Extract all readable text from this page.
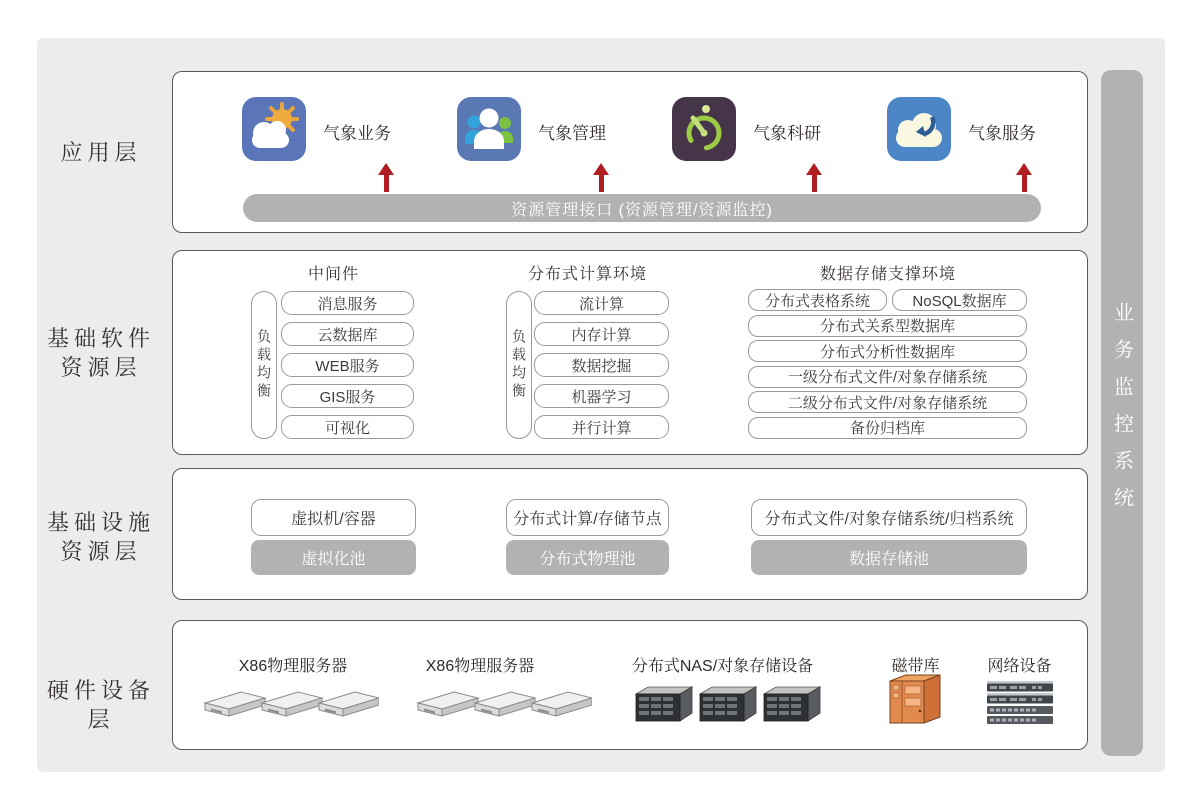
应用层
基础软件
资源层
基础设施
资源层
硬件设备层
气象业务	气象管理	气象科研	气象服务
资源管理接口 (资源管理/资源监控)
中间件
负载均衡
消息服务
云数据库
WEB服务
GIS服务
可视化
分布式计算环境
负载均衡
流计算
内存计算
数据挖掘
机器学习
并行计算
数据存储支撑环境
分布式表格系统	NoSQL数据库
分布式关系型数据库
分布式分析性数据库
一级分布式文件/对象存储系统
二级分布式文件/对象存储系统
备份归档库
虚拟机/容器
虚拟化池
分布式计算/存储节点
分布式物理池
分布式文件/对象存储系统/归档系统
数据存储池
X86物理服务器	X86物理服务器	分布式NAS/对象存储设备	磁带库	网络设备
业务监控系统
